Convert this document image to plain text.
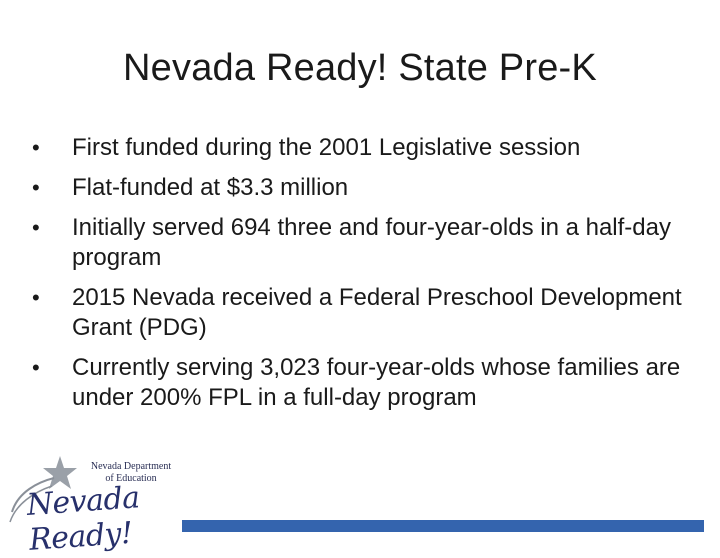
Nevada Ready! State Pre-K
• First funded during the 2001 Legislative session
• Flat-funded at $3.3 million
• Initially served 694 three and four-year-olds in a half-day program
• 2015 Nevada received a Federal Preschool Development Grant (PDG)
• Currently serving 3,023 four-year-olds whose families are under 200% FPL in a full-day program
Nevada Department
of Education
Nevada Ready!
